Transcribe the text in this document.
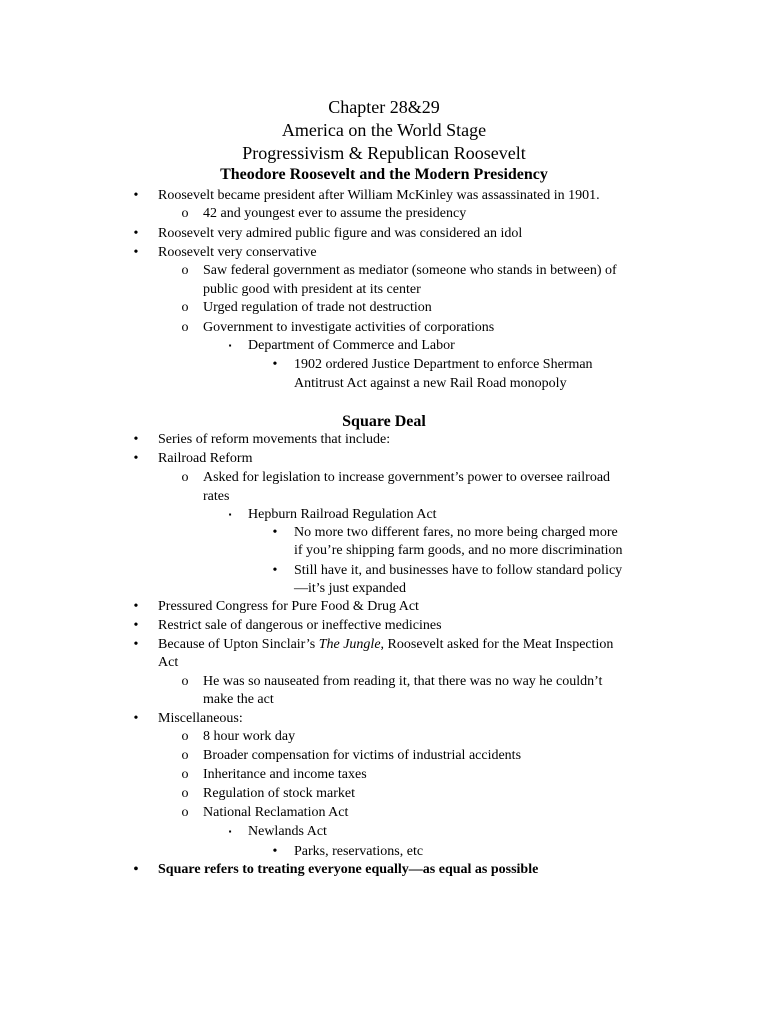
Chapter 28&29
America on the World Stage
Progressivism & Republican Roosevelt
Theodore Roosevelt and the Modern Presidency
•	Roosevelt became president after William McKinley was assassinated in 1901.
o 42 and youngest ever to assume the presidency
•	Roosevelt very admired public figure and was considered an idol
•	Roosevelt very conservative
o Saw federal government as mediator (someone who stands in between) of
public good with president at its center
o Urged regulation of trade not destruction
o Government to investigate activities of corporations
▪	Department of Commerce and Labor
•	1902 ordered Justice Department to enforce Sherman
Antitrust Act against a new Rail Road monopoly
Square Deal
•	Series of reform movements that include:
•	Railroad Reform
o Asked for legislation to increase government’s power to oversee railroad
rates
▪	Hepburn Railroad Regulation Act
•	No more two different fares, no more being charged more
if you’re shipping farm goods, and no more discrimination
•	Still have it, and businesses have to follow standard policy
—it’s just expanded
•	Pressured Congress for Pure Food & Drug Act
•	Restrict sale of dangerous or ineffective medicines
•	Because of Upton Sinclair’s The Jungle, Roosevelt asked for the Meat Inspection
Act
o He was so nauseated from reading it, that there was no way he couldn’t
make the act
•	Miscellaneous:
o 8 hour work day
o Broader compensation for victims of industrial accidents
o Inheritance and income taxes
o Regulation of stock market
o National Reclamation Act
▪	Newlands Act
•	Parks, reservations, etc
•	Square refers to treating everyone equally—as equal as possible
